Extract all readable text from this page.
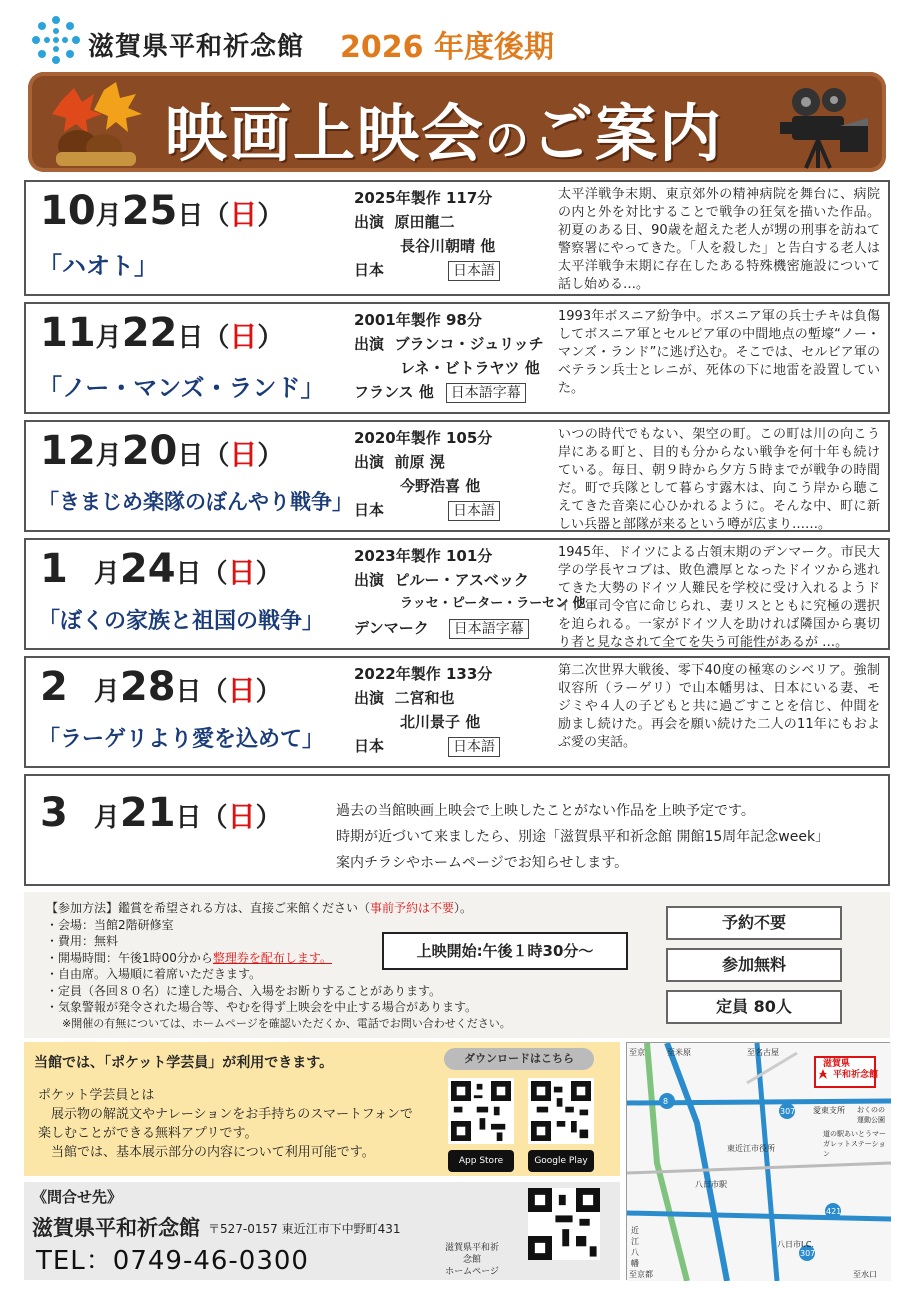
滋賀県平和祈念館 2026 年度後期
映画上映会のご案内
10月25日（日）
「ハオト」
2025年製作 117分
出演 原田龍二
長谷川朝晴 他
日本	日本語
太平洋戦争末期、東京郊外の精神病院を舞台に、病院の内と外を対比することで戦争の狂気を描いた作品。初夏のある日、90歳を超えた老人が甥の刑事を訪ねて警察署にやってきた。「人を殺した」と告白する老人は太平洋戦争末期に存在したある特殊機密施設について話し始める…。
11月22日（日）
「ノー・マンズ・ランド」
2001年製作 98分
出演 ブランコ・ジュリッチ
レネ・ビトラヤツ 他
フランス 他 日本語字幕
1993年ボスニア紛争中。ボスニア軍の兵士チキは負傷してボスニア軍とセルビア軍の中間地点の塹壕“ノー・マンズ・ランド”に逃げ込む。そこでは、セルビア軍のベテラン兵士とレニが、死体の下に地雷を設置していた。
12月20日（日）
「きまじめ楽隊のぼんやり戦争」
2020年製作 105分
出演 前原 滉
今野浩喜 他
日本	日本語
いつの時代でもない、架空の町。この町は川の向こう岸にある町と、目的も分からない戦争を何十年も続けている。毎日、朝９時から夕方５時までが戦争の時間だ。町で兵隊として暮らす露木は、向こう岸から聴こえてきた音楽に心ひかれるように。そんな中、町に新しい兵器と部隊が来るという噂が広まり……。
1 月24日（日）
「ぼくの家族と祖国の戦争」
2023年製作 101分
出演 ピルー・アスベック
ラッセ・ピーター・ラーセン 他
デンマーク 日本語字幕
1945年、ドイツによる占領末期のデンマーク。市民大学の学長ヤコブは、敗色濃厚となったドイツから逃れてきた大勢のドイツ人難民を学校に受け入れるようドイツ軍司令官に命じられ、妻リスとともに究極の選択を迫られる。一家がドイツ人を助ければ隣国から裏切り者と見なされて全てを失う可能性があるが …。
2 月28日（日）
「ラーゲリより愛を込めて」
2022年製作 133分
出演 二宮和也
北川景子 他
日本	日本語
第二次世界大戦後、零下40度の極寒のシベリア。強制収容所（ラーゲリ）で山本幡男は、日本にいる妻、モジミや４人の子どもと共に過ごすことを信じ、仲間を励まし続けた。再会を願い続けた二人の11年にもおよぶ愛の実話。
3 月21日（日）	過去の当館映画上映会で上映したことがない作品を上映予定です。
時期が近づいて来ましたら、別途「滋賀県平和祈念館 開館15周年記念week」
案内チラシやホームページでお知らせします。
【参加方法】鑑賞を希望される方は、直接ご来館ください（事前予約は不要）。
・会場：当館2階研修室
・費用：無料
・開場時間：午後1時00分から整理券を配布します。
・自由席。入場順に着席いただきます。
・定員（各回８０名）に達した場合、入場をお断りすることがあります。
・気象警報が発令された場合等、やむを得ず上映会を中止する場合があります。
※開催の有無については、ホームページを確認いただくか、電話でお問い合わせください。
上映開始:午後１時30分～
予約不要
参加無料
定員 80人
当館では、「ポケット学芸員」が利用できます。
ポケット学芸員とは
　展示物の解説文やナレーションをお手持ちのスマートフォンで
楽しむことができる無料アプリです。
　当館では、基本展示部分の内容について利用可能です。
ダウンロードはこちら
App Store	Google Play
《問合せ先》
滋賀県平和祈念館 〒527-0157 東近江市下中野町431
TEL：0749-46-0300	滋賀県平和祈念館
ホームページ
滋賀県
平和祈念館
至京	至米原	至名古屋
至京都	至水口
八日市I.C.
八日市駅
東近江市役所
近江八幡
愛東支所 おくのの運動公園
道の駅あいとうマーガレットステーション
8
307
421
307
